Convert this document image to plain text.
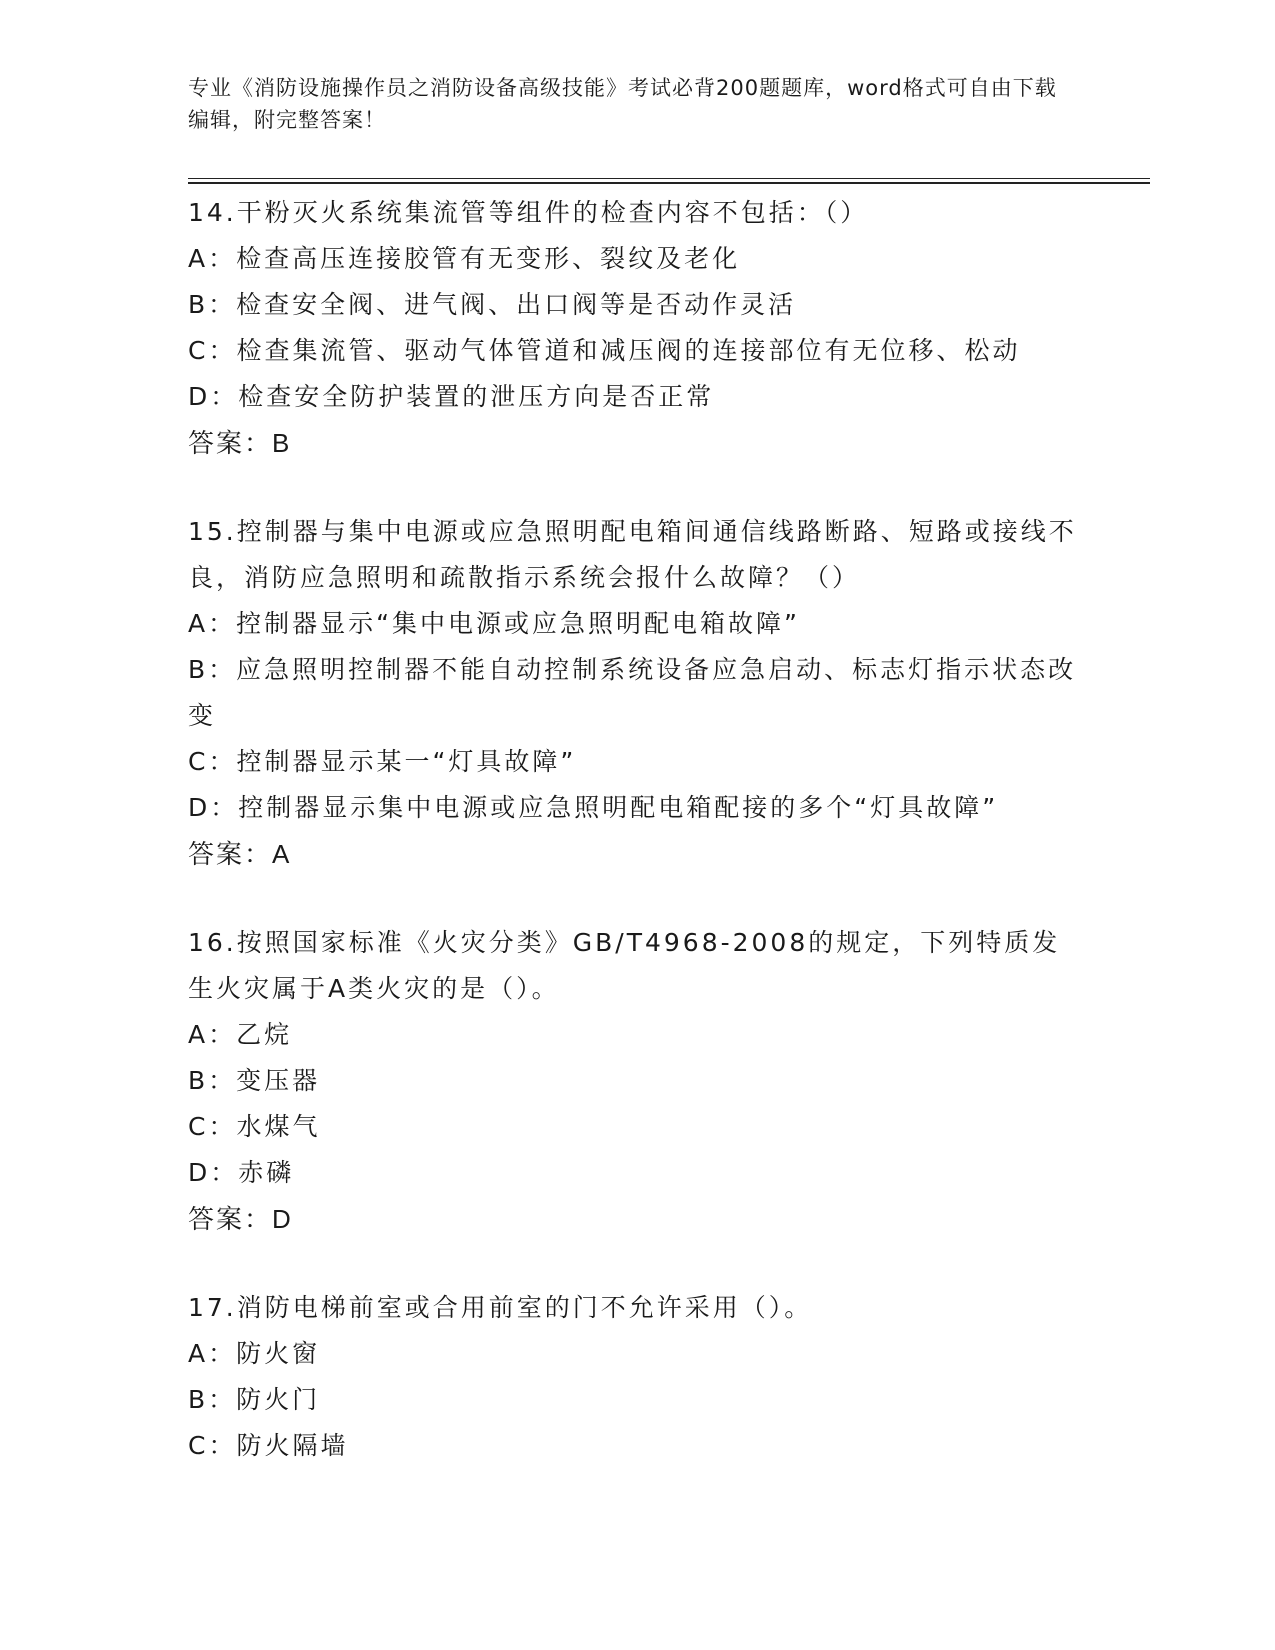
专业《消防设施操作员之消防设备高级技能》考试必背200题题库，word格式可自由下载编辑，附完整答案！
14.干粉灭火系统集流管等组件的检查内容不包括：（）
A：检查高压连接胶管有无变形、裂纹及老化
B：检查安全阀、进气阀、出口阀等是否动作灵活
C：检查集流管、驱动气体管道和减压阀的连接部位有无位移、松动
D：检查安全防护装置的泄压方向是否正常
答案：B
15.控制器与集中电源或应急照明配电箱间通信线路断路、短路或接线不良，消防应急照明和疏散指示系统会报什么故障？（）
A：控制器显示“集中电源或应急照明配电箱故障”
B：应急照明控制器不能自动控制系统设备应急启动、标志灯指示状态改变
C：控制器显示某一“灯具故障”
D：控制器显示集中电源或应急照明配电箱配接的多个“灯具故障”
答案：A
16.按照国家标准《火灾分类》GB/T4968-2008的规定，下列特质发生火灾属于A类火灾的是（）。
A：乙烷
B：变压器
C：水煤气
D：赤磷
答案：D
17.消防电梯前室或合用前室的门不允许采用（）。
A：防火窗
B：防火门
C：防火隔墙
